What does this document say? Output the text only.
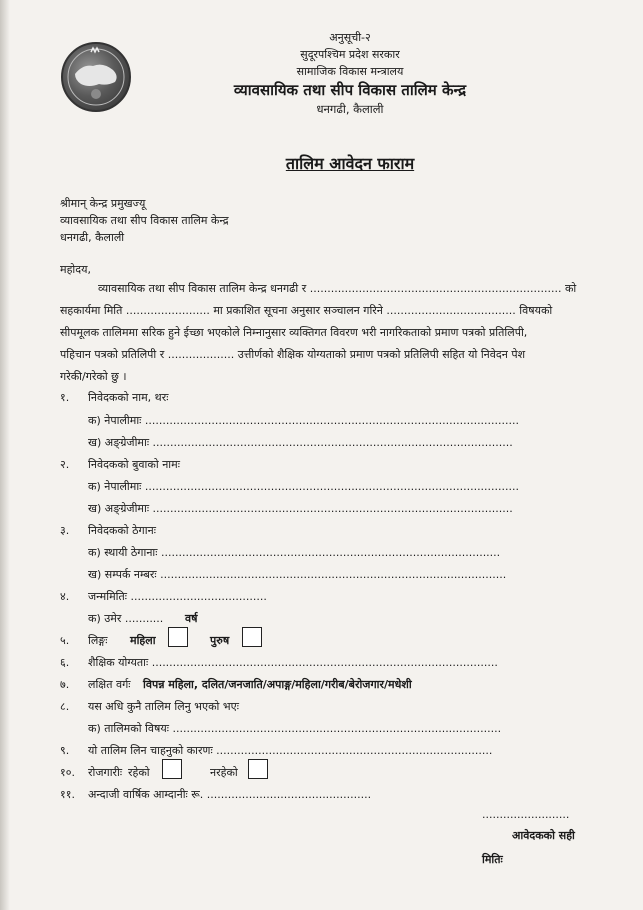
अनुसूची-२
सुदूरपश्चिम प्रदेश सरकार
सामाजिक विकास मन्त्रालय
व्यावसायिक तथा सीप विकास तालिम केन्द्र
धनगढी, कैलाली
तालिम आवेदन फाराम
श्रीमान् केन्द्र प्रमुखज्यू
व्यावसायिक तथा सीप विकास तालिम केन्द्र
धनगढी, कैलाली
महोदय,
व्यावसायिक तथा सीप विकास तालिम केन्द्र धनगढी र ........................................................................ को
सहकार्यमा मिति ........................ मा प्रकाशित सूचना अनुसार सञ्चालन गरिने ..................................... विषयको
सीपमूलक तालिममा सरिक हुने ईच्छा भएकोले निम्नानुसार व्यक्तिगत विवरण भरी नागरिकताको प्रमाण पत्रको प्रतिलिपी,
पहिचान पत्रको प्रतिलिपी र ................... उत्तीर्णको शैक्षिक योग्यताको प्रमाण पत्रको प्रतिलिपी सहित यो निवेदन पेश
गरेकी/गरेको छु ।
१. निवेदकको नाम, थरः
क) नेपालीमाः ...........................................................................................................
ख) अङ्ग्रेजीमाः .......................................................................................................
२. निवेदकको बुवाको नामः
क) नेपालीमाः ...........................................................................................................
ख) अङ्ग्रेजीमाः .......................................................................................................
३. निवेदकको ठेगानः
क) स्थायी ठेगानाः .................................................................................................
ख) सम्पर्क नम्बरः ...................................................................................................
४. जन्ममितिः .......................................
क) उमेर ........... वर्ष
५. लिङ्गः महिला	पुरुष
६. शैक्षिक योग्यताः ...................................................................................................
७. लक्षित वर्गः विपन्न महिला, दलित/जनजाति/अपाङ्ग/महिला/गरीब/बेरोजगार/मधेशी
८. यस अधि कुनै तालिम लिनु भएको भएः
क) तालिमको विषयः ..............................................................................................
९. यो तालिम लिन चाहनुको कारणः ...............................................................................
१०. रोजगारीः रहेको	नरहेको
११. अन्दाजी वार्षिक आम्दानीः रू. ...............................................
.........................
आवेदकको सही
मितिः
